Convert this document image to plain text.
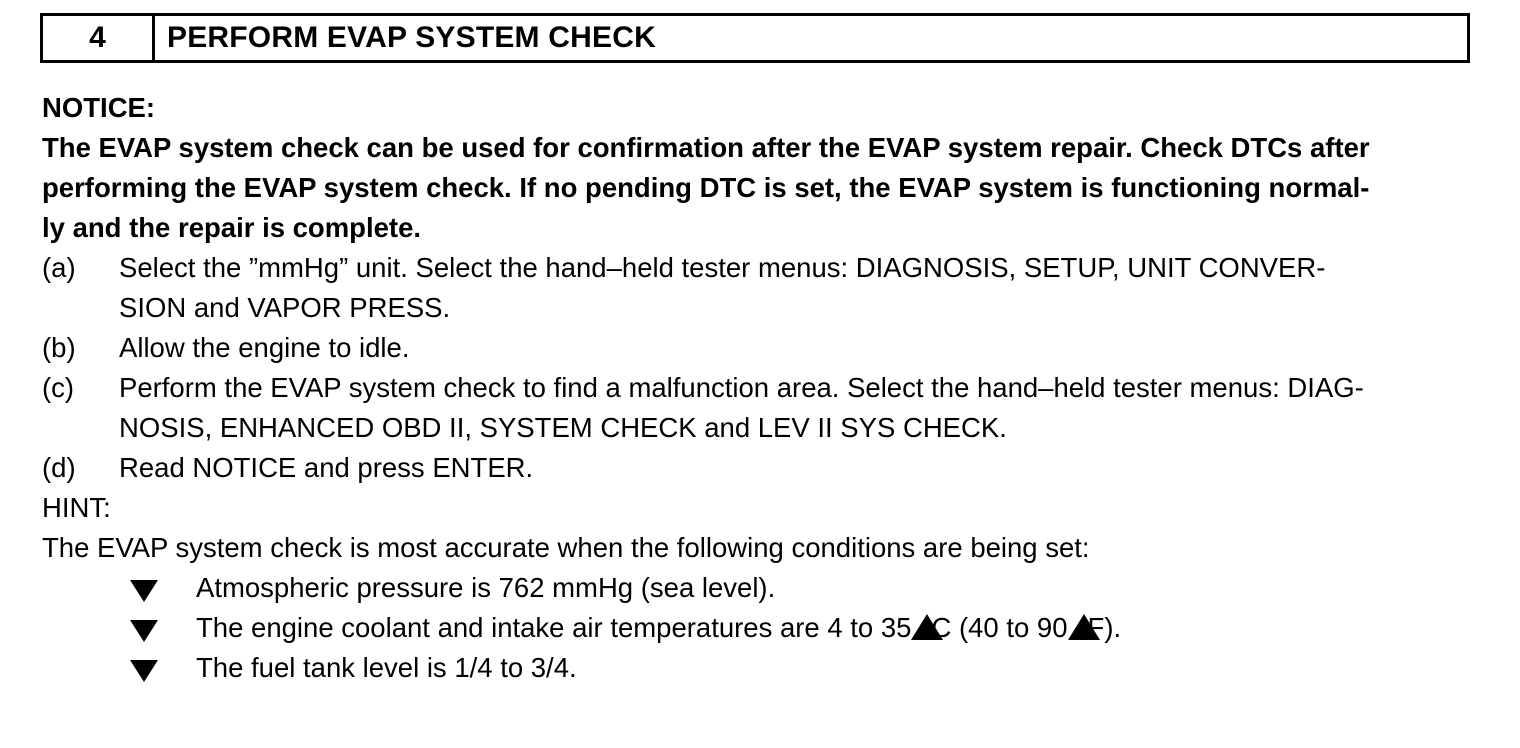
4	PERFORM EVAP SYSTEM CHECK
NOTICE:
The EVAP system check can be used for confirmation after the EVAP system repair. Check DTCs after
performing the EVAP system check. If no pending DTC is set, the EVAP system is functioning normal-
ly and the repair is complete.
(a) Select the ”mmHg” unit. Select the hand–held tester menus: DIAGNOSIS, SETUP, UNIT CONVER-
SION and VAPOR PRESS.
(b) Allow the engine to idle.
(c) Perform the EVAP system check to find a malfunction area. Select the hand–held tester menus: DIAG-
NOSIS, ENHANCED OBD II, SYSTEM CHECK and LEV II SYS CHECK.
(d) Read NOTICE and press ENTER.
HINT:
The EVAP system check is most accurate when the following conditions are being set:
Atmospheric pressure is 762 mmHg (sea level).
The engine coolant and intake air temperatures are 4 to 35 C (40 to 90 F).
The fuel tank level is 1/4 to 3/4.
